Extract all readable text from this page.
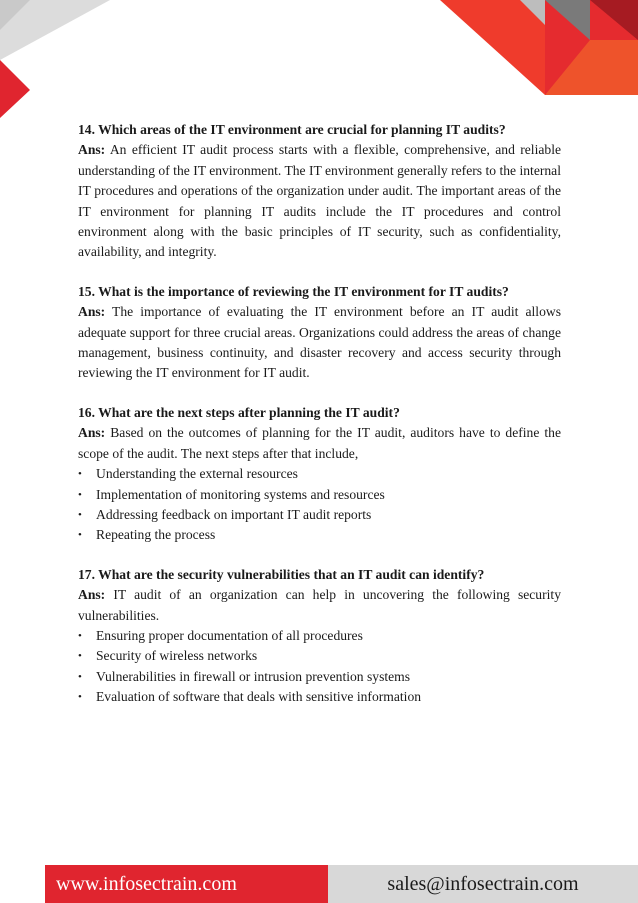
14. Which areas of the IT environment are crucial for planning IT audits?
Ans: An efficient IT audit process starts with a flexible, comprehensive, and reliable understanding of the IT environment. The IT environment generally refers to the internal IT procedures and operations of the organization under audit. The important areas of the IT environment for planning IT audits include the IT procedures and control environment along with the basic principles of IT security, such as confidentiality, availability, and integrity.
15. What is the importance of reviewing the IT environment for IT audits?
Ans: The importance of evaluating the IT environment before an IT audit allows adequate support for three crucial areas. Organizations could address the areas of change management, business continuity, and disaster recovery and access security through reviewing the IT environment for IT audit.
16. What are the next steps after planning the IT audit?
Ans: Based on the outcomes of planning for the IT audit, auditors have to define the scope of the audit. The next steps after that include,
• Understanding the external resources
• Implementation of monitoring systems and resources
• Addressing feedback on important IT audit reports
• Repeating the process
17. What are the security vulnerabilities that an IT audit can identify?
Ans: IT audit of an organization can help in uncovering the following security vulnerabilities.
• Ensuring proper documentation of all procedures
• Security of wireless networks
• Vulnerabilities in firewall or intrusion prevention systems
• Evaluation of software that deals with sensitive information
www.infosectrain.com	sales@infosectrain.com
